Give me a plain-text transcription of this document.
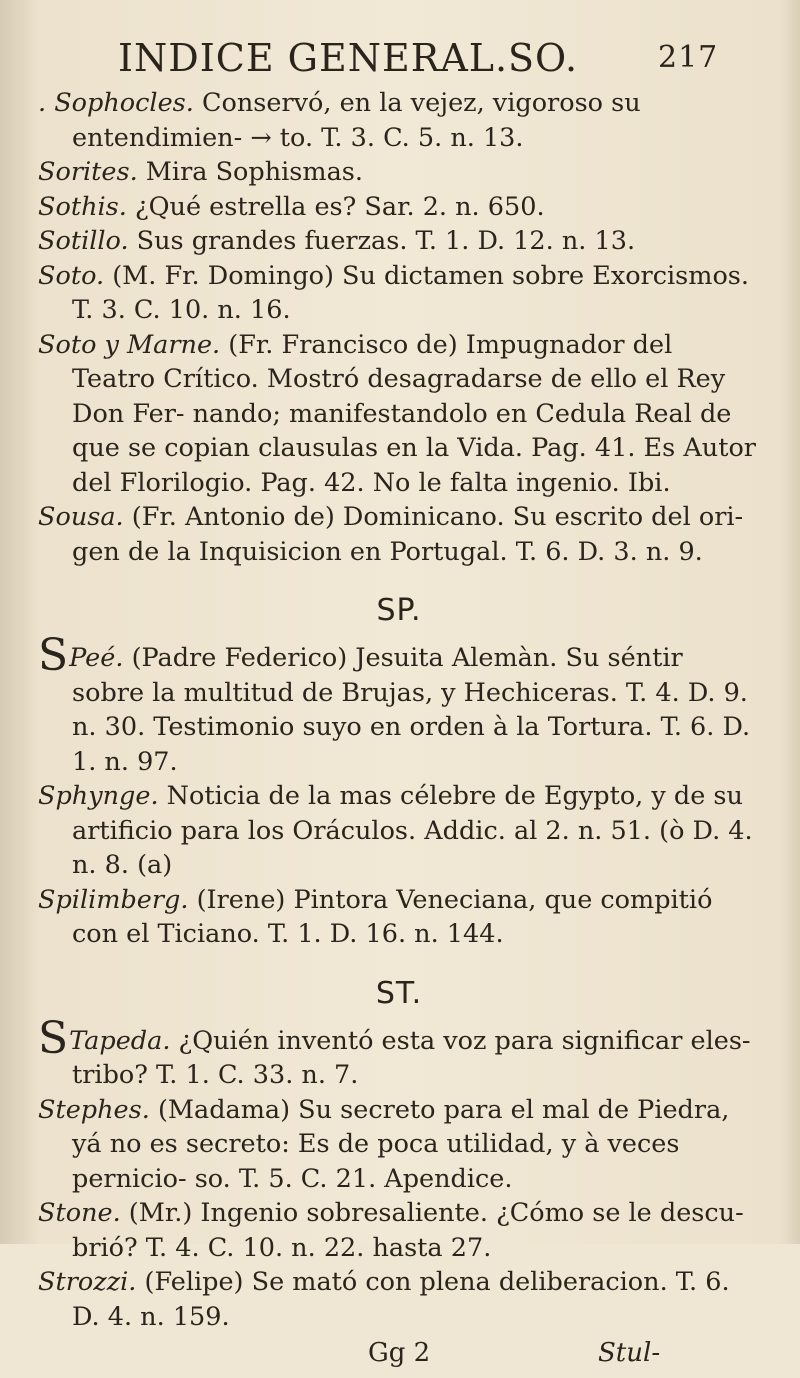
INDICE GENERAL. SO.	217
. Sophocles. Conservó, en la vejez, vigoroso su entendimien- → to. T. 3. C. 5. n. 13.
Sorites. Mira Sophismas.
Sothis. ¿Qué estrella es? Sar. 2. n. 650.
Sotillo. Sus grandes fuerzas. T. 1. D. 12. n. 13.
Soto. (M. Fr. Domingo) Su dictamen sobre Exorcismos. T. 3. C. 10. n. 16.
Soto y Marne. (Fr. Francisco de) Impugnador del Teatro Crítico. Mostró desagradarse de ello el Rey Don Fer- nando; manifestandolo en Cedula Real de que se copian clausulas en la Vida. Pag. 41. Es Autor del Florilogio. Pag. 42. No le falta ingenio. Ibi.
Sousa. (Fr. Antonio de) Dominicano. Su escrito del ori- gen de la Inquisicion en Portugal. T. 6. D. 3. n. 9.
SP.
SPeé. (Padre Federico) Jesuita Alemàn. Su séntir sobre la multitud de Brujas, y Hechiceras. T. 4. D. 9. n. 30. Testimonio suyo en orden à la Tortura. T. 6. D. 1. n. 97.
Sphynge. Noticia de la mas célebre de Egypto, y de su artificio para los Oráculos. Addic. al 2. n. 51. (ò D. 4. n. 8. (a)
Spilimberg. (Irene) Pintora Veneciana, que compitió con el Ticiano. T. 1. D. 16. n. 144.
ST.
STapeda. ¿Quién inventó esta voz para significar eles- tribo? T. 1. C. 33. n. 7.
Stephes. (Madama) Su secreto para el mal de Piedra, yá no es secreto: Es de poca utilidad, y à veces pernicio- so. T. 5. C. 21. Apendice.
Stone. (Mr.) Ingenio sobresaliente. ¿Cómo se le descu- brió? T. 4. C. 10. n. 22. hasta 27.
Strozzi. (Felipe) Se mató con plena deliberacion. T. 6. D. 4. n. 159.
Gg 2	Stul-
